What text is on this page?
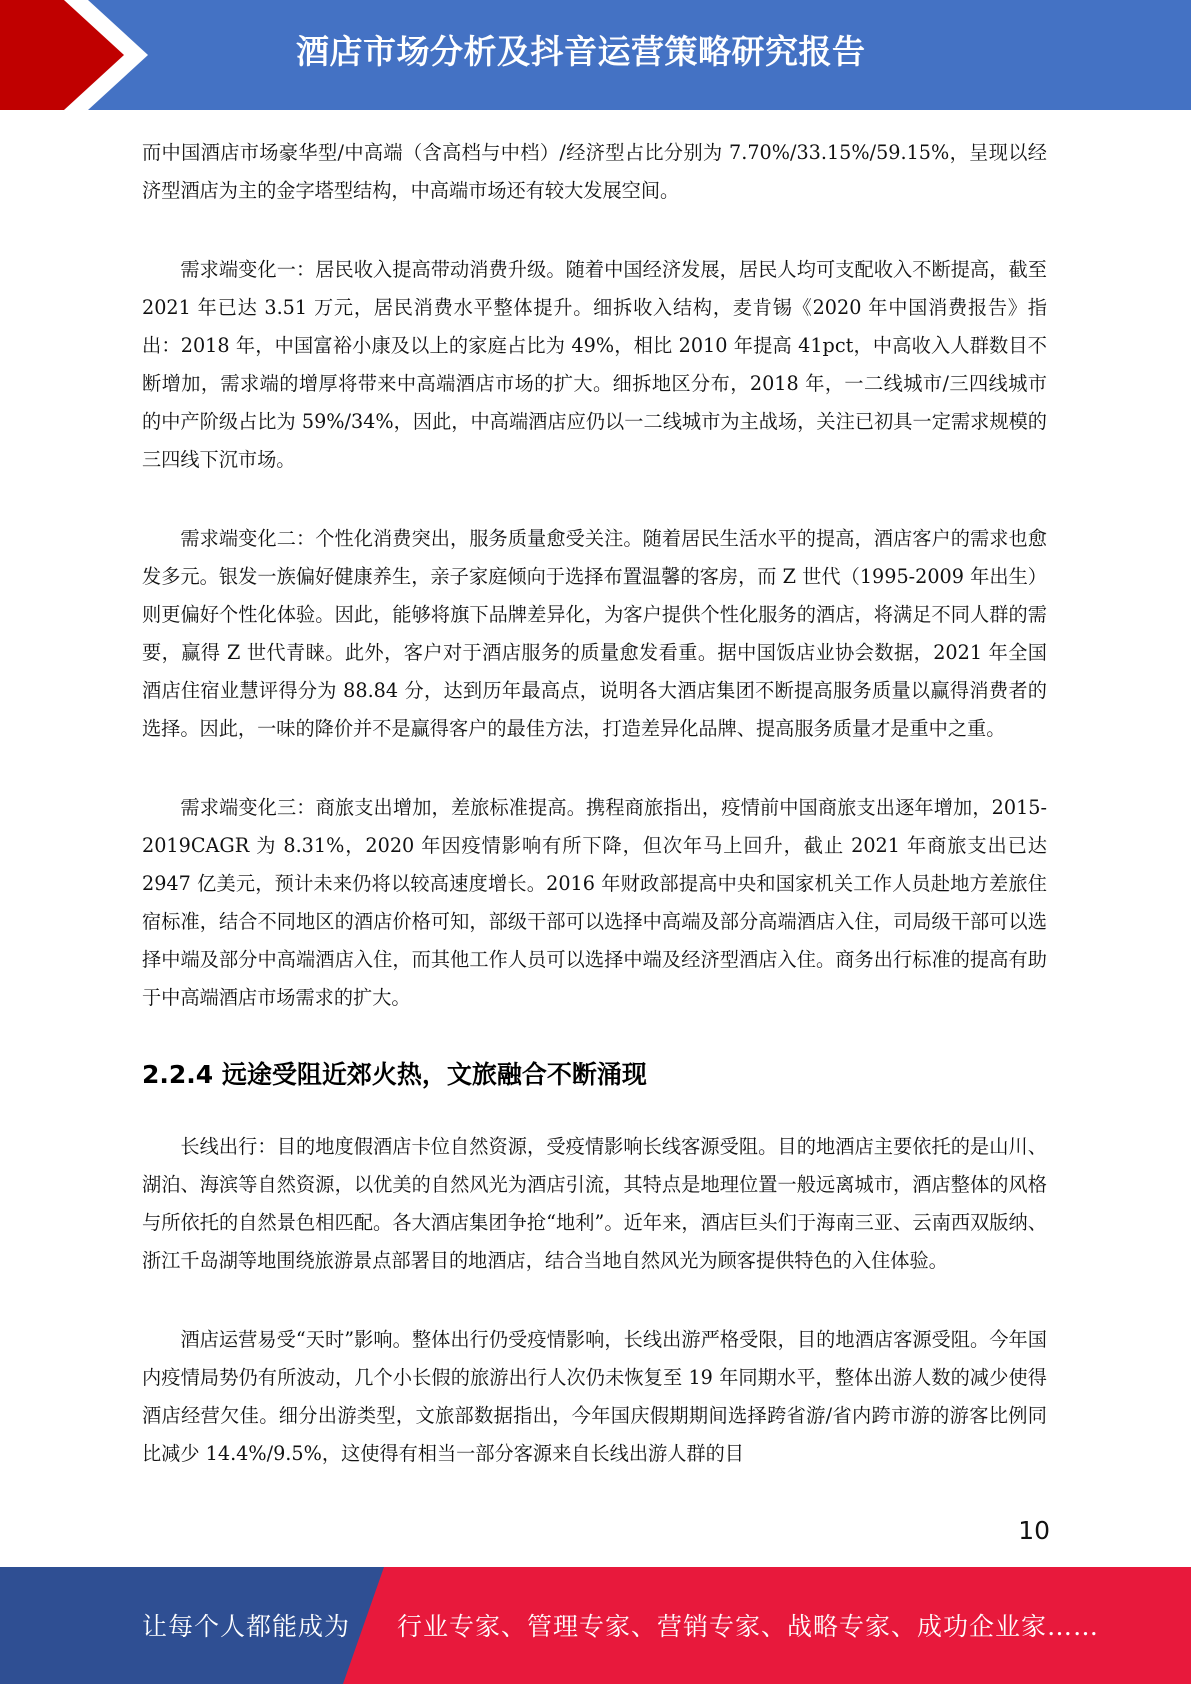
酒店市场分析及抖音运营策略研究报告

而中国酒店市场豪华型/中高端（含高档与中档）/经济型占比分别为 7.70%/33.15%/59.15%，呈现以经济型酒店为主的金字塔型结构，中高端市场还有较大发展空间。

需求端变化一：居民收入提高带动消费升级。随着中国经济发展，居民人均可支配收入不断提高，截至 2021 年已达 3.51 万元，居民消费水平整体提升。细拆收入结构，麦肯锡《2020 年中国消费报告》指出：2018 年，中国富裕小康及以上的家庭占比为 49%，相比 2010 年提高 41pct，中高收入人群数目不断增加，需求端的增厚将带来中高端酒店市场的扩大。细拆地区分布，2018 年，一二线城市/三四线城市的中产阶级占比为 59%/34%，因此，中高端酒店应仍以一二线城市为主战场，关注已初具一定需求规模的三四线下沉市场。

需求端变化二：个性化消费突出，服务质量愈受关注。随着居民生活水平的提高，酒店客户的需求也愈发多元。银发一族偏好健康养生，亲子家庭倾向于选择布置温馨的客房，而 Z 世代（1995-2009 年出生）则更偏好个性化体验。因此，能够将旗下品牌差异化，为客户提供个性化服务的酒店，将满足不同人群的需要，赢得 Z 世代青睐。此外，客户对于酒店服务的质量愈发看重。据中国饭店业协会数据，2021 年全国酒店住宿业慧评得分为 88.84 分，达到历年最高点，说明各大酒店集团不断提高服务质量以赢得消费者的选择。因此，一味的降价并不是赢得客户的最佳方法，打造差异化品牌、提高服务质量才是重中之重。

需求端变化三：商旅支出增加，差旅标准提高。携程商旅指出，疫情前中国商旅支出逐年增加，2015-2019CAGR 为 8.31%，2020 年因疫情影响有所下降，但次年马上回升，截止 2021 年商旅支出已达 2947 亿美元，预计未来仍将以较高速度增长。2016 年财政部提高中央和国家机关工作人员赴地方差旅住宿标准，结合不同地区的酒店价格可知，部级干部可以选择中高端及部分高端酒店入住，司局级干部可以选择中端及部分中高端酒店入住，而其他工作人员可以选择中端及经济型酒店入住。商务出行标准的提高有助于中高端酒店市场需求的扩大。

2.2.4 远途受阻近郊火热，文旅融合不断涌现

长线出行：目的地度假酒店卡位自然资源，受疫情影响长线客源受阻。目的地酒店主要依托的是山川、湖泊、海滨等自然资源，以优美的自然风光为酒店引流，其特点是地理位置一般远离城市，酒店整体的风格与所依托的自然景色相匹配。各大酒店集团争抢“地利”。近年来，酒店巨头们于海南三亚、云南西双版纳、浙江千岛湖等地围绕旅游景点部署目的地酒店，结合当地自然风光为顾客提供特色的入住体验。

酒店运营易受“天时”影响。整体出行仍受疫情影响，长线出游严格受限，目的地酒店客源受阻。今年国内疫情局势仍有所波动，几个小长假的旅游出行人次仍未恢复至 19 年同期水平，整体出游人数的减少使得酒店经营欠佳。细分出游类型，文旅部数据指出，今年国庆假期期间选择跨省游/省内跨市游的游客比例同比减少 14.4%/9.5%，这使得有相当一部分客源来自长线出游人群的目

10
让每个人都能成为 行业专家、管理专家、营销专家、战略专家、成功企业家……
